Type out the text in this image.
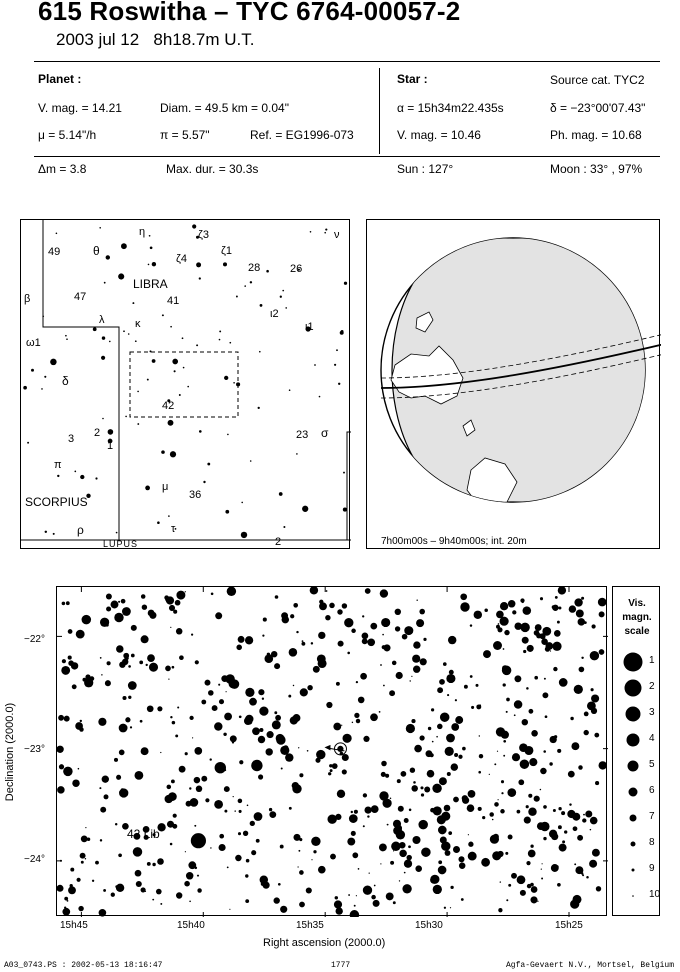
615 Roswitha – TYC 6764-00057-2
2003 jul 12 8h18.7m U.T.
Planet :	Star :	Source cat. TYC2
V. mag. = 14.21	Diam. = 49.5 km = 0.04"	α = 15h34m22.435s	δ = −23°00'07.43"
μ = 5.14"/h	π = 5.57"	Ref. = EG1996-073	V. mag. = 10.46	Ph. mag. = 10.68
Δm = 3.8	Max. dur. = 30.3s	Sun : 127°	Moon : 33° , 97%
LIBRA
SCORPIUS
LUPUS
η	ζ3	ν
49	θ
ζ4
ζ1
28	26
β	47	41
λ	κ
ι2
ι1
ω1
δ
42
23 σ
2
3
1
π
μ
36
ρ	τ
2	7h00m00s – 9h40m00s; int. 20m
42 Lib
−22°
−23°
−24°
Declination (2000.0)
15h45	15h40	15h35	15h30	15h25
Right ascension (2000.0)
Vis.
magn.
scale
1
2
3
4
5
6
7
8
9
10
A03_0743.PS : 2002-05-13 18:16:47	1777	Agfa-Gevaert N.V., Mortsel, Belgium
